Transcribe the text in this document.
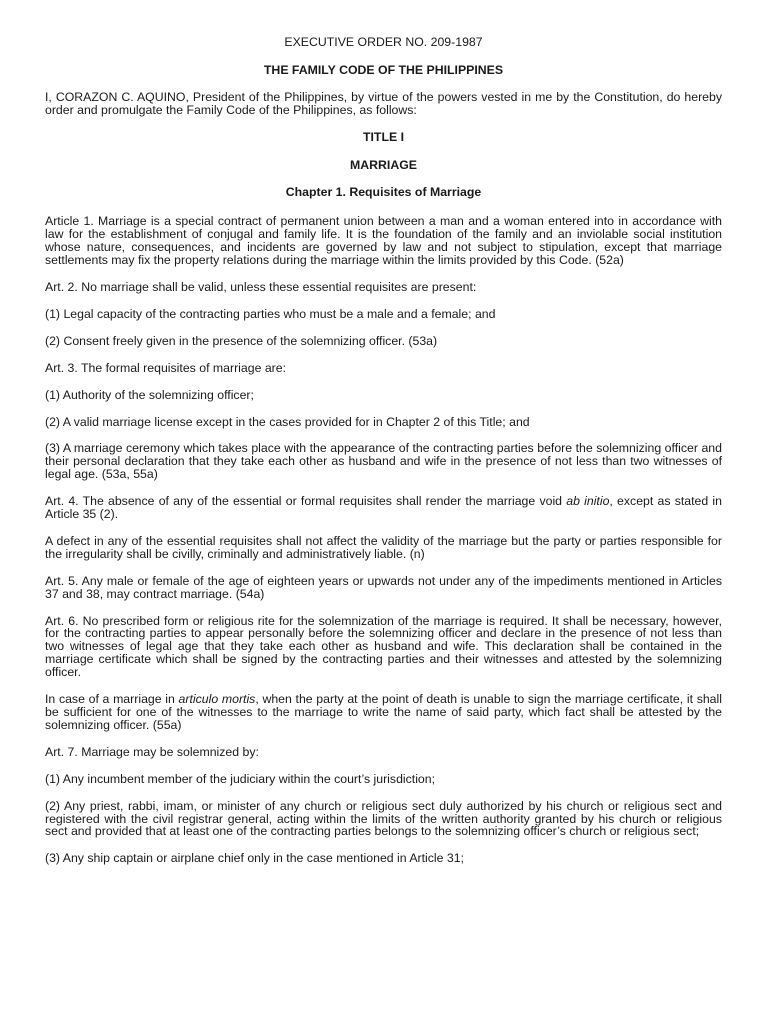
EXECUTIVE ORDER NO. 209-1987
THE FAMILY CODE OF THE PHILIPPINES

I, CORAZON C. AQUINO, President of the Philippines, by virtue of the powers vested in me by the Constitution, do hereby order and promulgate the Family Code of the Philippines, as follows:

TITLE I
MARRIAGE
Chapter 1. Requisites of Marriage

Article 1. Marriage is a special contract of permanent union between a man and a woman entered into in accordance with law for the establishment of conjugal and family life. It is the foundation of the family and an inviolable social institution whose nature, consequences, and incidents are governed by law and not subject to stipulation, except that marriage settlements may fix the property relations during the marriage within the limits provided by this Code. (52a)

Art. 2. No marriage shall be valid, unless these essential requisites are present:

(1) Legal capacity of the contracting parties who must be a male and a female; and

(2) Consent freely given in the presence of the solemnizing officer. (53a)

Art. 3. The formal requisites of marriage are:

(1) Authority of the solemnizing officer;

(2) A valid marriage license except in the cases provided for in Chapter 2 of this Title; and

(3) A marriage ceremony which takes place with the appearance of the contracting parties before the solemnizing officer and their personal declaration that they take each other as husband and wife in the presence of not less than two witnesses of legal age. (53a, 55a)

Art. 4. The absence of any of the essential or formal requisites shall render the marriage void ab initio, except as stated in Article 35 (2).

A defect in any of the essential requisites shall not affect the validity of the marriage but the party or parties responsible for the irregularity shall be civilly, criminally and administratively liable. (n)

Art. 5. Any male or female of the age of eighteen years or upwards not under any of the impediments mentioned in Articles 37 and 38, may contract marriage. (54a)

Art. 6. No prescribed form or religious rite for the solemnization of the marriage is required. It shall be necessary, however, for the contracting parties to appear personally before the solemnizing officer and declare in the presence of not less than two witnesses of legal age that they take each other as husband and wife. This declaration shall be contained in the marriage certificate which shall be signed by the contracting parties and their witnesses and attested by the solemnizing officer.

In case of a marriage in articulo mortis, when the party at the point of death is unable to sign the marriage certificate, it shall be sufficient for one of the witnesses to the marriage to write the name of said party, which fact shall be attested by the solemnizing officer. (55a)

Art. 7. Marriage may be solemnized by:

(1) Any incumbent member of the judiciary within the court’s jurisdiction;

(2) Any priest, rabbi, imam, or minister of any church or religious sect duly authorized by his church or religious sect and registered with the civil registrar general, acting within the limits of the written authority granted by his church or religious sect and provided that at least one of the contracting parties belongs to the solemnizing officer’s church or religious sect;

(3) Any ship captain or airplane chief only in the case mentioned in Article 31;
